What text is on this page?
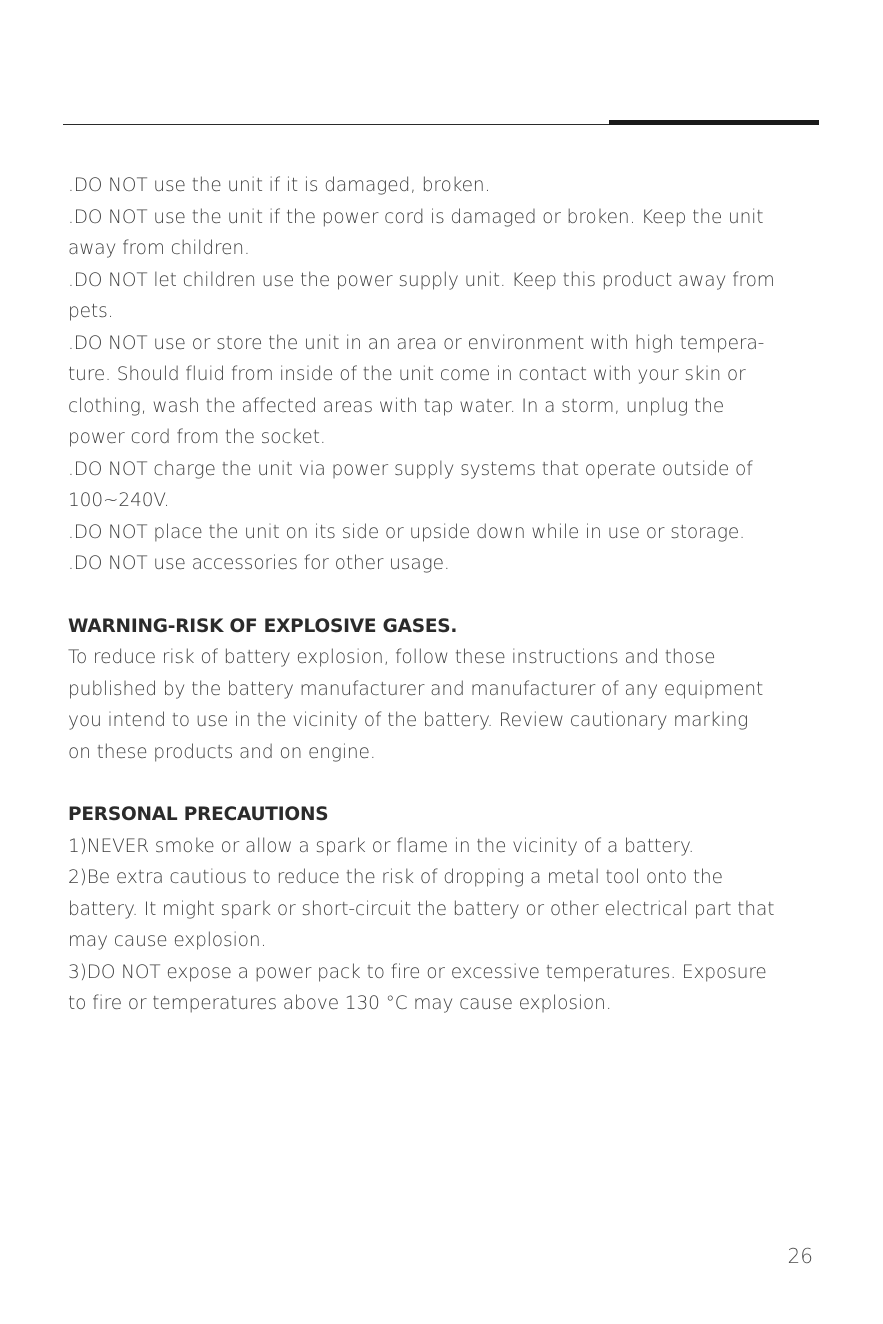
.DO NOT use the unit if it is damaged, broken.

.DO NOT use the unit if the power cord is damaged or broken. Keep the unit

away from children.

.DO NOT let children use the power supply unit. Keep this product away from

pets.

.DO NOT use or store the unit in an area or environment with high tempera-

ture. Should fluid from inside of the unit come in contact with your skin or

clothing, wash the affected areas with tap water. In a storm, unplug the

power cord from the socket.

.DO NOT charge the unit via power supply systems that operate outside of

100~240V.

.DO NOT place the unit on its side or upside down while in use or storage.

.DO NOT use accessories for other usage.

WARNING-RISK OF EXPLOSIVE GASES.

To reduce risk of battery explosion, follow these instructions and those

published by the battery manufacturer and manufacturer of any equipment

you intend to use in the vicinity of the battery. Review cautionary marking

on these products and on engine.

PERSONAL PRECAUTIONS

1)NEVER smoke or allow a spark or flame in the vicinity of a battery.

2)Be extra cautious to reduce the risk of dropping a metal tool onto the

battery. It might spark or short-circuit the battery or other electrical part that

may cause explosion.

3)DO NOT expose a power pack to fire or excessive temperatures. Exposure

to fire or temperatures above 130 °C may cause explosion.

26
